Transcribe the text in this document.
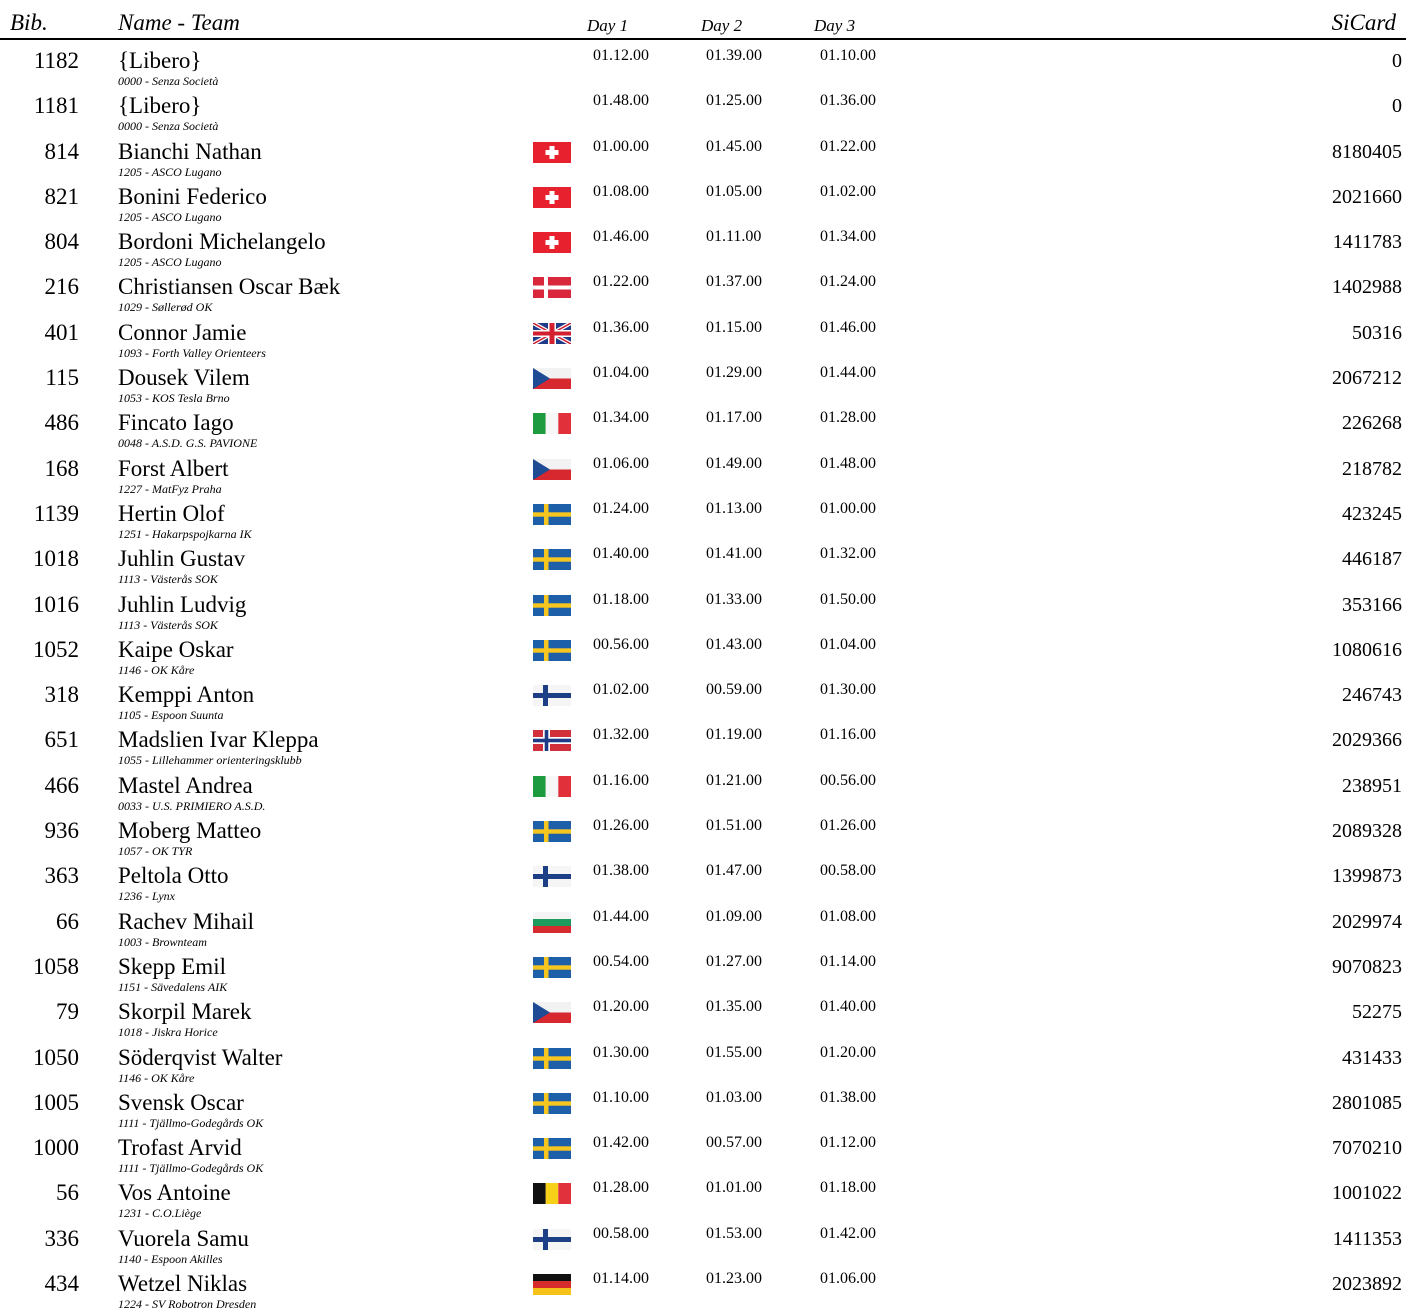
Bib.	Name - Team	Day 1	Day 2	Day 3	SiCard
1182 {Libero}
0000 - Senza Società
01.12.00	01.39.00	01.10.00	0
1181 {Libero}
0000 - Senza Società
01.48.00	01.25.00	01.36.00	0
814 Bianchi Nathan
1205 - ASCO Lugano
01.00.00	01.45.00	01.22.00	8180405
821 Bonini Federico
1205 - ASCO Lugano
01.08.00	01.05.00	01.02.00	2021660
804 Bordoni Michelangelo
1205 - ASCO Lugano
01.46.00	01.11.00	01.34.00	1411783
216 Christiansen Oscar Bæk
1029 - Søllerød OK
01.22.00	01.37.00	01.24.00	1402988
401 Connor Jamie
1093 - Forth Valley Orienteers
01.36.00	01.15.00	01.46.00	50316
115 Dousek Vilem
1053 - KOS Tesla Brno
01.04.00	01.29.00	01.44.00	2067212
486 Fincato Iago
0048 - A.S.D. G.S. PAVIONE
01.34.00	01.17.00	01.28.00	226268
168 Forst Albert
1227 - MatFyz Praha
01.06.00	01.49.00	01.48.00	218782
1139 Hertin Olof
1251 - Hakarpspojkarna IK
01.24.00	01.13.00	01.00.00	423245
1018 Juhlin Gustav
1113 - Västerås SOK
01.40.00	01.41.00	01.32.00	446187
1016 Juhlin Ludvig
1113 - Västerås SOK
01.18.00	01.33.00	01.50.00	353166
1052 Kaipe Oskar
1146 - OK Kåre
00.56.00	01.43.00	01.04.00	1080616
318 Kemppi Anton
1105 - Espoon Suunta
01.02.00	00.59.00	01.30.00	246743
651 Madslien Ivar Kleppa
1055 - Lillehammer orienteringsklubb
01.32.00	01.19.00	01.16.00	2029366
466 Mastel Andrea
0033 - U.S. PRIMIERO A.S.D.
01.16.00	01.21.00	00.56.00	238951
936 Moberg Matteo
1057 - OK TYR
01.26.00	01.51.00	01.26.00	2089328
363 Peltola Otto
1236 - Lynx
01.38.00	01.47.00	00.58.00	1399873
66 Rachev Mihail
1003 - Brownteam
01.44.00	01.09.00	01.08.00	2029974
1058 Skepp Emil
1151 - Sävedalens AIK
00.54.00	01.27.00	01.14.00	9070823
79 Skorpil Marek
1018 - Jiskra Horice
01.20.00	01.35.00	01.40.00	52275
1050 Söderqvist Walter
1146 - OK Kåre
01.30.00	01.55.00	01.20.00	431433
1005 Svensk Oscar
1111 - Tjällmo-Godegårds OK
01.10.00	01.03.00	01.38.00	2801085
1000 Trofast Arvid
1111 - Tjällmo-Godegårds OK
01.42.00	00.57.00	01.12.00	7070210
56 Vos Antoine
1231 - C.O.Liège
01.28.00	01.01.00	01.18.00	1001022
336 Vuorela Samu
1140 - Espoon Akilles
00.58.00	01.53.00	01.42.00	1411353
434 Wetzel Niklas
1224 - SV Robotron Dresden
01.14.00	01.23.00	01.06.00	2023892
